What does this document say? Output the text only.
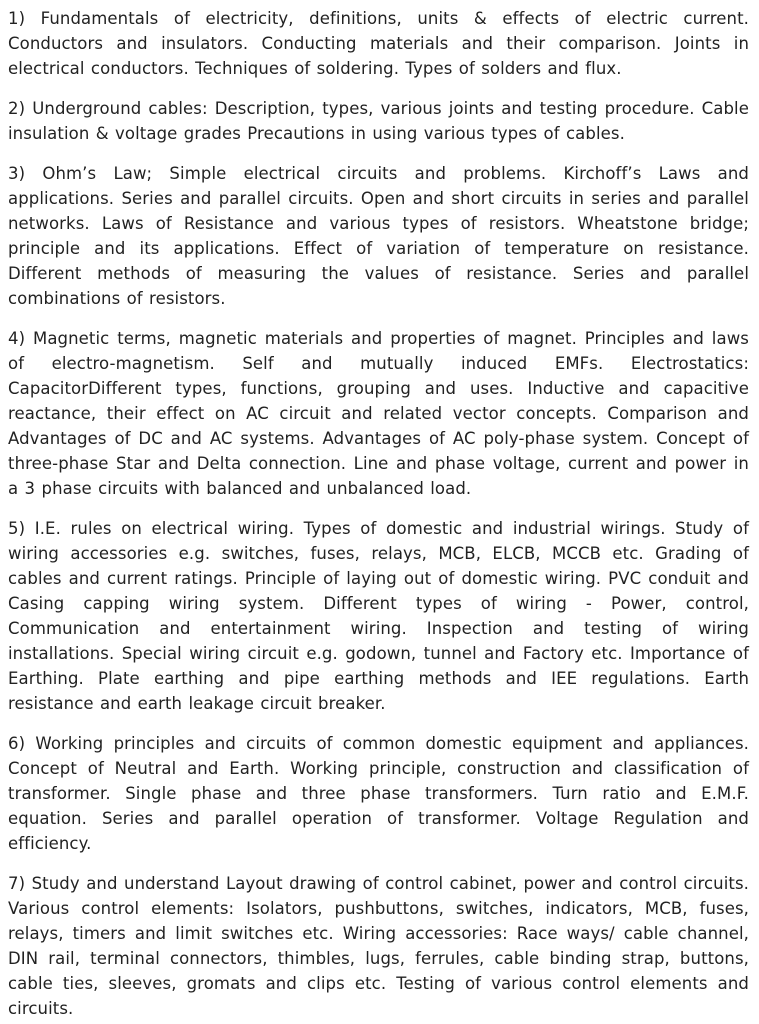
1) Fundamentals of electricity, definitions, units & effects of electric current. Conductors and insulators. Conducting materials and their comparison. Joints in electrical conductors. Techniques of soldering. Types of solders and flux.

2) Underground cables: Description, types, various joints and testing procedure. Cable insulation & voltage grades Precautions in using various types of cables.

3) Ohm’s Law; Simple electrical circuits and problems. Kirchoff’s Laws and applications. Series and parallel circuits. Open and short circuits in series and parallel networks. Laws of Resistance and various types of resistors. Wheatstone bridge; principle and its applications. Effect of variation of temperature on resistance. Different methods of measuring the values of resistance. Series and parallel combinations of resistors.

4) Magnetic terms, magnetic materials and properties of magnet. Principles and laws of electro-magnetism. Self and mutually induced EMFs. Electrostatics: CapacitorDifferent types, functions, grouping and uses. Inductive and capacitive reactance, their effect on AC circuit and related vector concepts. Comparison and Advantages of DC and AC systems. Advantages of AC poly-phase system. Concept of three-phase Star and Delta connection. Line and phase voltage, current and power in a 3 phase circuits with balanced and unbalanced load.

5) I.E. rules on electrical wiring. Types of domestic and industrial wirings. Study of wiring accessories e.g. switches, fuses, relays, MCB, ELCB, MCCB etc. Grading of cables and current ratings. Principle of laying out of domestic wiring. PVC conduit and Casing capping wiring system. Different types of wiring - Power, control, Communication and entertainment wiring. Inspection and testing of wiring installations. Special wiring circuit e.g. godown, tunnel and Factory etc. Importance of Earthing. Plate earthing and pipe earthing methods and IEE regulations. Earth resistance and earth leakage circuit breaker.

6) Working principles and circuits of common domestic equipment and appliances. Concept of Neutral and Earth. Working principle, construction and classification of transformer. Single phase and three phase transformers. Turn ratio and E.M.F. equation. Series and parallel operation of transformer. Voltage Regulation and efficiency.

7) Study and understand Layout drawing of control cabinet, power and control circuits. Various control elements: Isolators, pushbuttons, switches, indicators, MCB, fuses, relays, timers and limit switches etc. Wiring accessories: Race ways/ cable channel, DIN rail, terminal connectors, thimbles, lugs, ferrules, cable binding strap, buttons, cable ties, sleeves, gromats and clips etc. Testing of various control elements and circuits.
